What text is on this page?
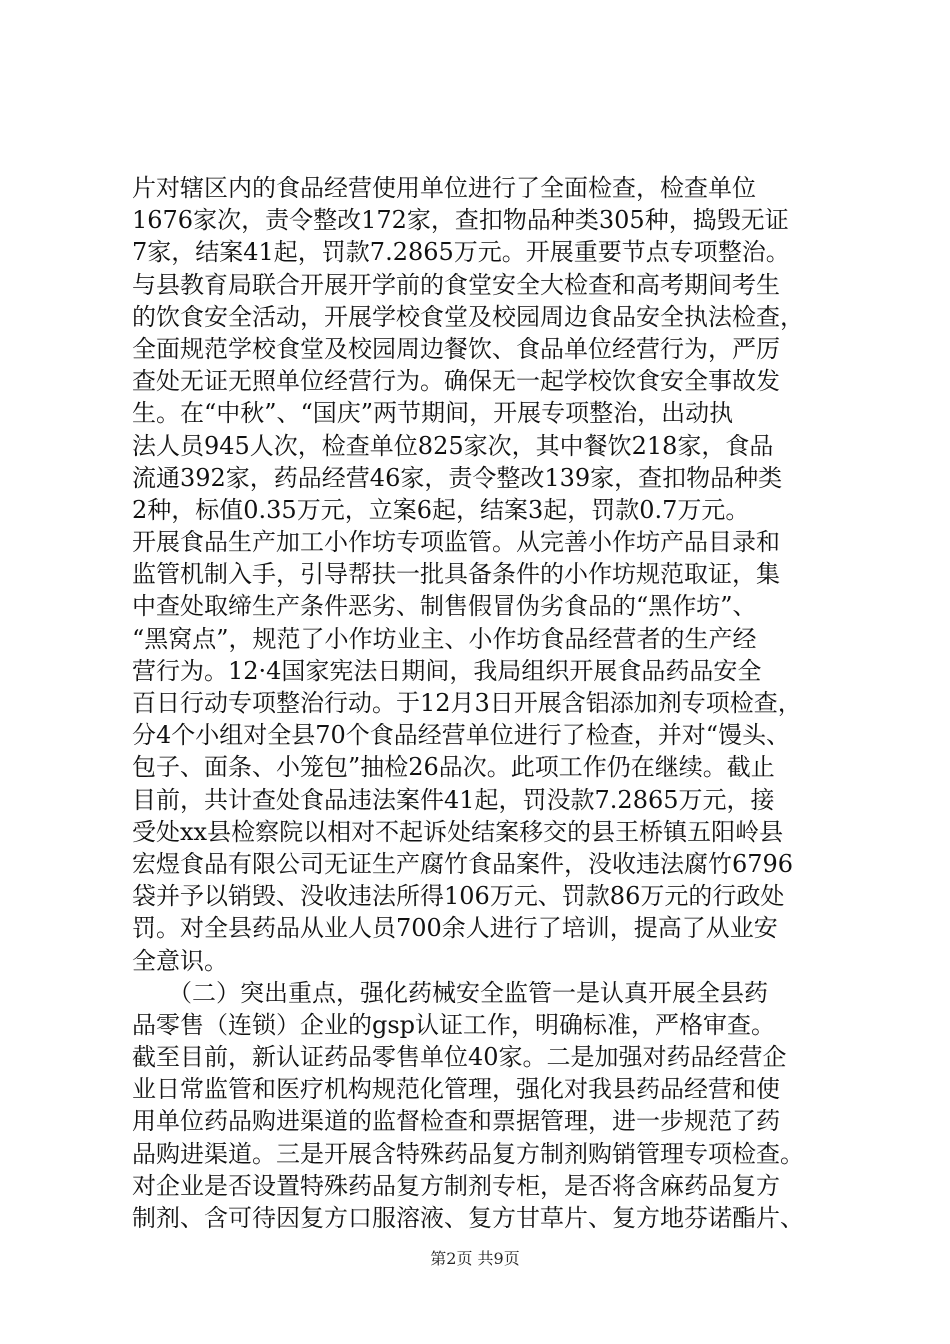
片对辖区内的食品经营使用单位进行了全面检查，检查单位
1676家次，责令整改172家，查扣物品种类305种，捣毁无证
7家，结案41起，罚款7.2865万元。开展重要节点专项整治。
与县教育局联合开展开学前的食堂安全大检查和高考期间考生
的饮食安全活动，开展学校食堂及校园周边食品安全执法检查，
全面规范学校食堂及校园周边餐饮、食品单位经营行为，严厉
查处无证无照单位经营行为。确保无一起学校饮食安全事故发
生。在“中秋”、“国庆”两节期间，开展专项整治，出动执
法人员945人次，检查单位825家次，其中餐饮218家，食品
流通392家，药品经营46家，责令整改139家，查扣物品种类
2种，标值0.35万元，立案6起，结案3起，罚款0.7万元。
开展食品生产加工小作坊专项监管。从完善小作坊产品目录和
监管机制入手，引导帮扶一批具备条件的小作坊规范取证，集
中查处取缔生产条件恶劣、制售假冒伪劣食品的“黑作坊”、
“黑窝点”，规范了小作坊业主、小作坊食品经营者的生产经
营行为。12·4国家宪法日期间，我局组织开展食品药品安全
百日行动专项整治行动。于12月3日开展含铝添加剂专项检查，
分4个小组对全县70个食品经营单位进行了检查，并对“馒头、
包子、面条、小笼包”抽检26品次。此项工作仍在继续。截止
目前，共计查处食品违法案件41起，罚没款7.2865万元，接
受处xx县检察院以相对不起诉处结案移交的县王桥镇五阳岭县
宏煜食品有限公司无证生产腐竹食品案件，没收违法腐竹6796
袋并予以销毁、没收违法所得106万元、罚款86万元的行政处
罚。对全县药品从业人员700余人进行了培训，提高了从业安
全意识。
　　（二）突出重点，强化药械安全监管一是认真开展全县药
品零售（连锁）企业的gsp认证工作，明确标准，严格审查。
截至目前，新认证药品零售单位40家。二是加强对药品经营企
业日常监管和医疗机构规范化管理，强化对我县药品经营和使
用单位药品购进渠道的监督检查和票据管理，进一步规范了药
品购进渠道。三是开展含特殊药品复方制剂购销管理专项检查。
对企业是否设置特殊药品复方制剂专柜，是否将含麻药品复方
制剂、含可待因复方口服溶液、复方甘草片、复方地芬诺酯片、
第2页 共9页
